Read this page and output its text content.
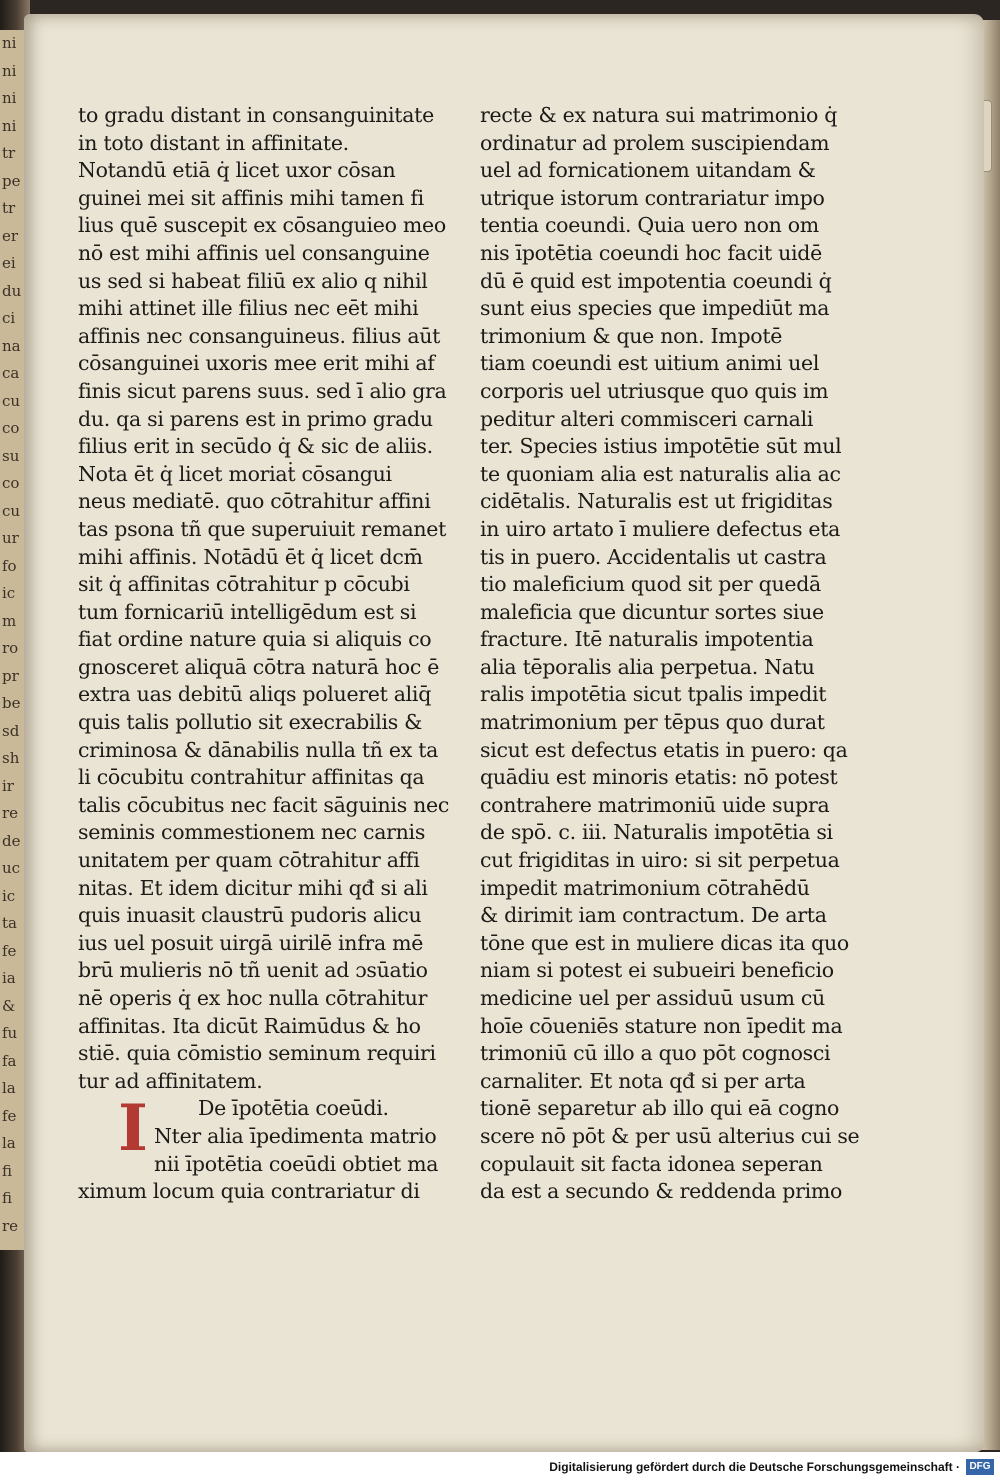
ni
ni
ni
ni
tr
pe
tr
er
ei
du
ci
na
ca
cu
co
su
co
cu
ur
fo
ic
m
ro
pr
be
sd
sh
ir
re
de
uc
ic
ta
fe
ia
&
fu
fa
la
fe
la
fi
fi
re
to gradu distant in consanguinitate
in toto distant in affinitate.
Notandū etiā q̇ licet uxor cōsan
guinei mei sit affinis mihi tamen fi
lius quē suscepit ex cōsanguieo meo
nō est mihi affinis uel consanguine
us sed si habeat filiū ex alio q nihil
mihi attinet ille filius nec eēt mihi
affinis nec consanguineus. filius aūt
cōsanguinei uxoris mee erit mihi af
finis sicut parens suus. sed ī alio gra
du. qa si parens est in primo gradu
filius erit in secūdo q̇ & sic de aliis.
Nota ēt q̇ licet moriaṫ cōsangui
neus mediatē. quo cōtrahitur affini
tas psona tñ que superuiuit remanet
mihi affinis. Notādū ēt q̇ licet dcm̄
sit q̇ affinitas cōtrahitur p cōcubi
tum fornicariū intelligēdum est si
fiat ordine nature quia si aliquis co
gnosceret aliquā cōtra naturā hoc ē
extra uas debitū aliqs polueret aliq̄
quis talis pollutio sit execrabilis &
criminosa & dānabilis nulla tñ ex ta
li cōcubitu contrahitur affinitas qa
talis cōcubitus nec facit sāguinis nec
seminis commestionem nec carnis
unitatem per quam cōtrahitur affi
nitas. Et idem dicitur mihi qđ si ali
quis inuasit claustrū pudoris alicu
ius uel posuit uirgā uirilē infra mē
brū mulieris nō tñ uenit ad ɔsūatio
nē operis q̇ ex hoc nulla cōtrahitur
affinitas. Ita dicūt Raimūdus & ho
stiē. quia cōmistio seminum requiri
tur ad affinitatem.
De īpotētia coeūdi.
I Nter alia īpedimenta matrio
nii īpotētia coeūdi obtiet ma
ximum locum quia contrariatur di
recte & ex natura sui matrimonio q̇
ordinatur ad prolem suscipiendam
uel ad fornicationem uitandam &
utrique istorum contrariatur impo
tentia coeundi. Quia uero non om
nis īpotētia coeundi hoc facit uidē
dū ē quid est impotentia coeundi q̇
sunt eius species que impediūt ma
trimonium & que non. Impotē
tiam coeundi est uitium animi uel
corporis uel utriusque quo quis im
peditur alteri commisceri carnali
ter. Species istius impotētie sūt mul
te quoniam alia est naturalis alia ac
cidētalis. Naturalis est ut frigiditas
in uiro artato ī muliere defectus eta
tis in puero. Accidentalis ut castra
tio maleficium quod sit per quedā
maleficia que dicuntur sortes siue
fracture. Itē naturalis impotentia
alia tēporalis alia perpetua. Natu
ralis impotētia sicut tpalis impedit
matrimonium per tēpus quo durat
sicut est defectus etatis in puero: qa
quādiu est minoris etatis: nō potest
contrahere matrimoniū uide supra
de spō. c. iii. Naturalis impotētia si
cut frigiditas in uiro: si sit perpetua
impedit matrimonium cōtrahēdū
& dirimit iam contractum. De arta
tōne que est in muliere dicas ita quo
niam si potest ei subueiri beneficio
medicine uel per assiduū usum cū
hoīe cōueniēs stature non īpedit ma
trimoniū cū illo a quo pōt cognosci
carnaliter. Et nota qđ si per arta
tionē separetur ab illo qui eā cogno
scere nō pōt & per usū alterius cui se
copulauit sit facta idonea seperan
da est a secundo & reddenda primo
Digitalisierung gefördert durch die Deutsche Forschungsgemeinschaft · DFG
